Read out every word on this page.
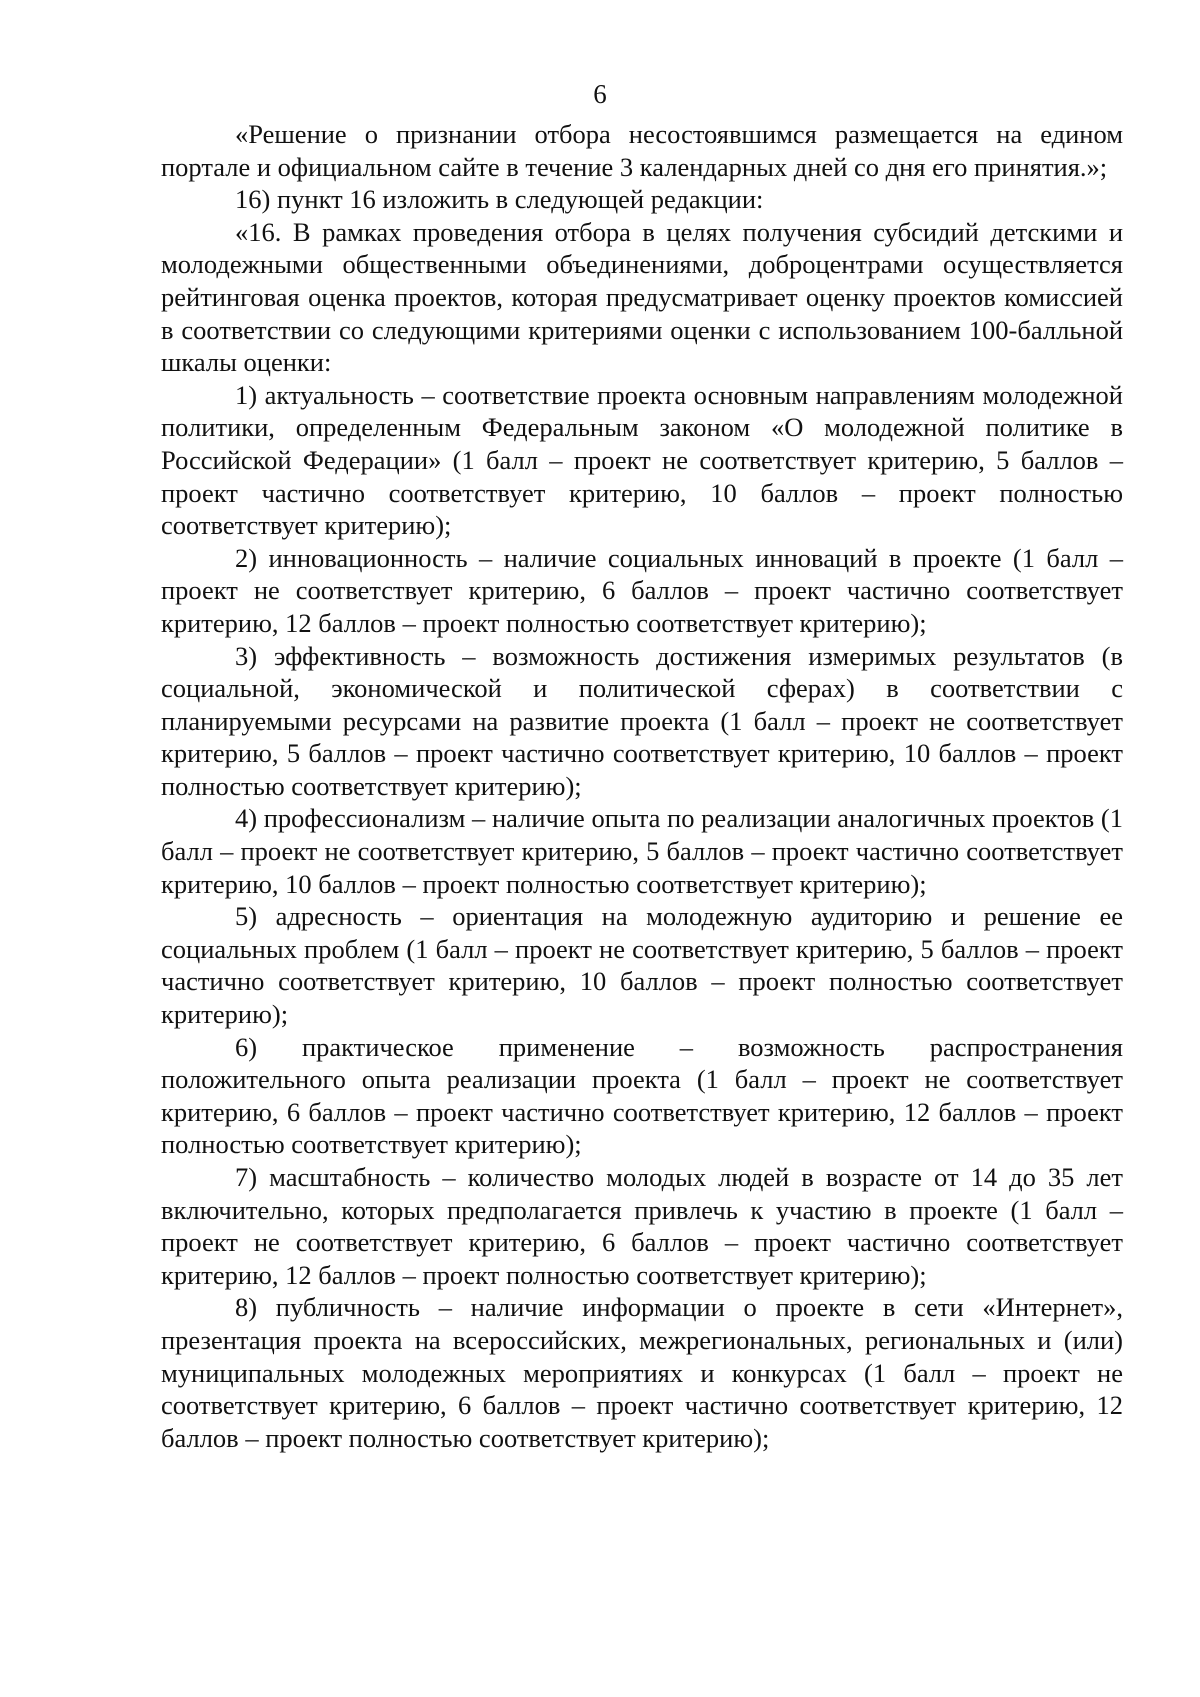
6

«Решение о признании отбора несостоявшимся размещается на едином портале и официальном сайте в течение 3 календарных дней со дня его принятия.»;

16) пункт 16 изложить в следующей редакции:

«16. В рамках проведения отбора в целях получения субсидий детскими и молодежными общественными объединениями, доброцентрами осуществляется рейтинговая оценка проектов, которая предусматривает оценку проектов комиссией в соответствии со следующими критериями оценки с использованием 100-балльной шкалы оценки:

1) актуальность – соответствие проекта основным направлениям молодежной политики, определенным Федеральным законом «О молодежной политике в Российской Федерации» (1 балл – проект не соответствует критерию, 5 баллов – проект частично соответствует критерию, 10 баллов – проект полностью соответствует критерию);

2) инновационность – наличие социальных инноваций в проекте (1 балл – проект не соответствует критерию, 6 баллов – проект частично соответствует критерию, 12 баллов – проект полностью соответствует критерию);

3) эффективность – возможность достижения измеримых результатов (в социальной, экономической и политической сферах) в соответствии с планируемыми ресурсами на развитие проекта (1 балл – проект не соответствует критерию, 5 баллов – проект частично соответствует критерию, 10 баллов – проект полностью соответствует критерию);

4) профессионализм – наличие опыта по реализации аналогичных проектов (1 балл – проект не соответствует критерию, 5 баллов – проект частично соответствует критерию, 10 баллов – проект полностью соответствует критерию);

5) адресность – ориентация на молодежную аудиторию и решение ее социальных проблем (1 балл – проект не соответствует критерию, 5 баллов – проект частично соответствует критерию, 10 баллов – проект полностью соответствует критерию);

6) практическое применение – возможность распространения положительного опыта реализации проекта (1 балл – проект не соответствует критерию, 6 баллов – проект частично соответствует критерию, 12 баллов – проект полностью соответствует критерию);

7) масштабность – количество молодых людей в возрасте от 14 до 35 лет включительно, которых предполагается привлечь к участию в проекте (1 балл – проект не соответствует критерию, 6 баллов – проект частично соответствует критерию, 12 баллов – проект полностью соответствует критерию);

8) публичность – наличие информации о проекте в сети «Интернет», презентация проекта на всероссийских, межрегиональных, региональных и (или) муниципальных молодежных мероприятиях и конкурсах (1 балл – проект не соответствует критерию, 6 баллов – проект частично соответствует критерию, 12 баллов – проект полностью соответствует критерию);
